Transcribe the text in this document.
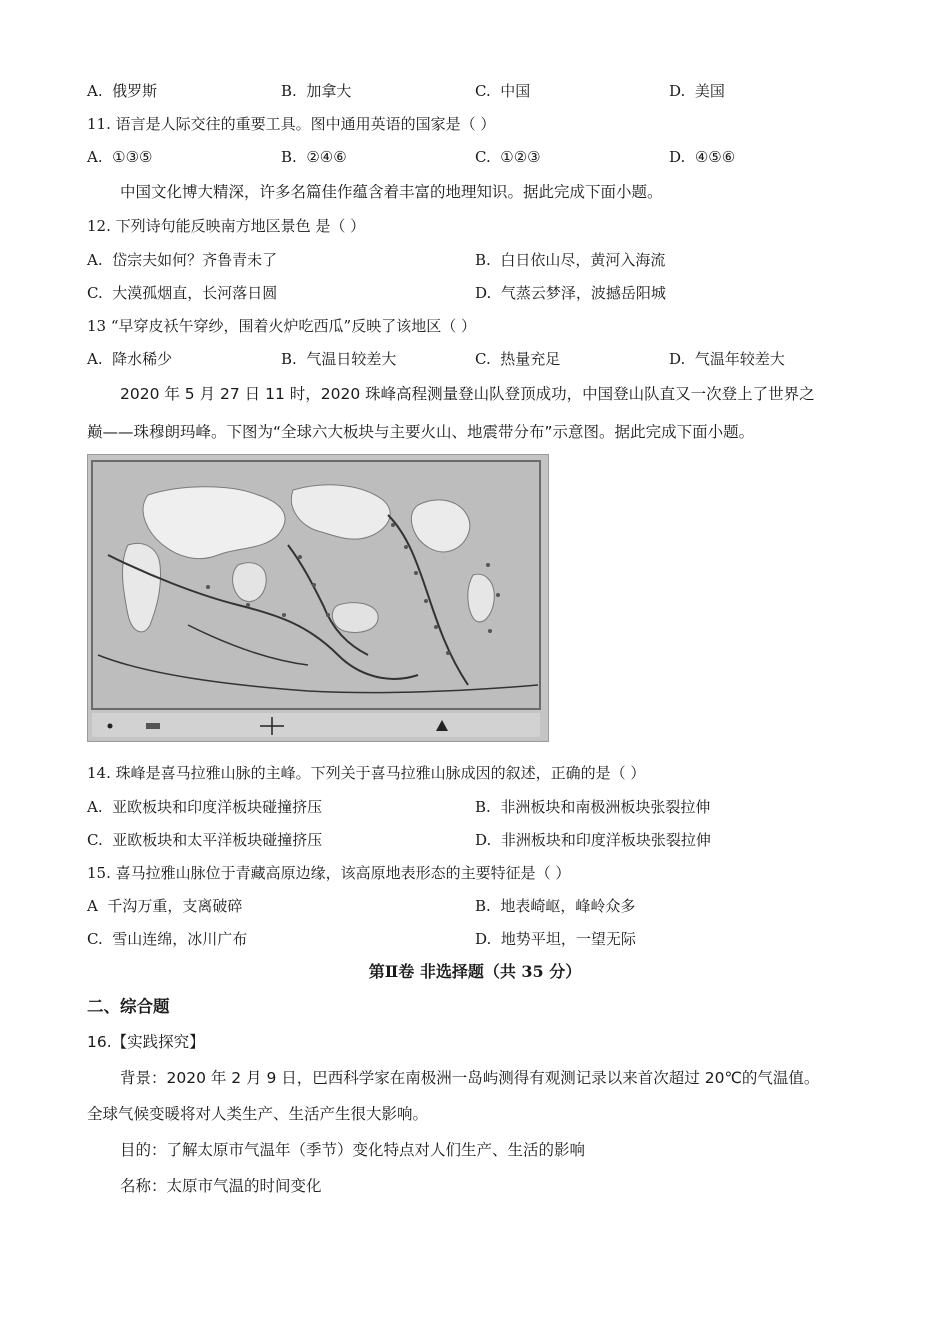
A. 俄罗斯	B. 加拿大	C. 中国	D. 美国
11. 语言是人际交往的重要工具。图中通用英语的国家是（ ）
A. ①③⑤	B. ②④⑥	C. ①②③	D. ④⑤⑥
中国文化博大精深，许多名篇佳作蕴含着丰富的地理知识。据此完成下面小题。
12. 下列诗句能反映南方地区景色 是（ ）
A. 岱宗夫如何？齐鲁青未了	B. 白日依山尽，黄河入海流
C. 大漠孤烟直，长河落日圆	D. 气蒸云梦泽，波撼岳阳城
13 “早穿皮袄午穿纱，围着火炉吃西瓜”反映了该地区（ ）
A. 降水稀少	B. 气温日较差大	C. 热量充足	D. 气温年较差大
2020 年 5 月 27 日 11 时，2020 珠峰高程测量登山队登顶成功，中国登山队直又一次登上了世界之
巅——珠穆朗玛峰。下图为“全球六大板块与主要火山、地震带分布”示意图。据此完成下面小题。
14. 珠峰是喜马拉雅山脉的主峰。下列关于喜马拉雅山脉成因的叙述，正确的是（ ）
A. 亚欧板块和印度洋板块碰撞挤压	B. 非洲板块和南极洲板块张裂拉伸
C. 亚欧板块和太平洋板块碰撞挤压	D. 非洲板块和印度洋板块张裂拉伸
15. 喜马拉雅山脉位于青藏高原边缘，该高原地表形态的主要特征是（ ）
A 千沟万重，支离破碎	B. 地表崎岖，峰岭众多
C. 雪山连绵，冰川广布	D. 地势平坦，一望无际
第Ⅱ卷 非选择题（共 35 分）
二、综合题
16.【实践探究】
背景：2020 年 2 月 9 日，巴西科学家在南极洲一岛屿测得有观测记录以来首次超过 20℃的气温值。
全球气候变暖将对人类生产、生活产生很大影响。
目的：了解太原市气温年（季节）变化特点对人们生产、生活的影响
名称：太原市气温的时间变化
